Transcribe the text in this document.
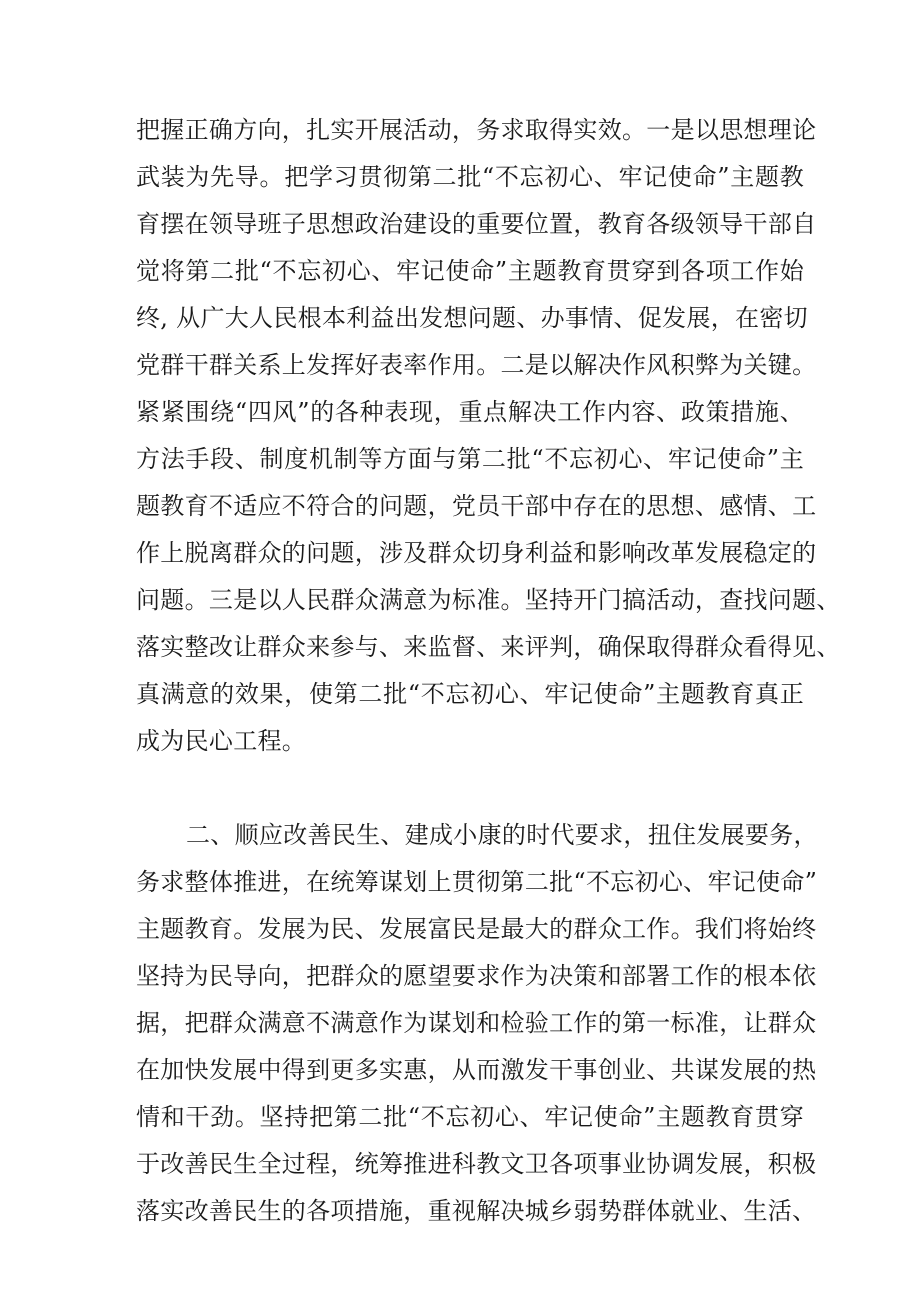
把握正确方向，扎实开展活动，务求取得实效。一是以思想理论
武装为先导。把学习贯彻第二批“不忘初心、牢记使命”主题教
育摆在领导班子思想政治建设的重要位置，教育各级领导干部自
觉将第二批“不忘初心、牢记使命”主题教育贯穿到各项工作始
终, 从广大人民根本利益出发想问题、办事情、促发展，在密切
党群干群关系上发挥好表率作用。二是以解决作风积弊为关键。
紧紧围绕“四风”的各种表现，重点解决工作内容、政策措施、
方法手段、制度机制等方面与第二批“不忘初心、牢记使命”主
题教育不适应不符合的问题，党员干部中存在的思想、感情、工
作上脱离群众的问题，涉及群众切身利益和影响改革发展稳定的
问题。三是以人民群众满意为标准。坚持开门搞活动，查找问题、
落实整改让群众来参与、来监督、来评判，确保取得群众看得见、
真满意的效果，使第二批“不忘初心、牢记使命”主题教育真正
成为民心工程。
二、顺应改善民生、建成小康的时代要求，扭住发展要务，
务求整体推进，在统筹谋划上贯彻第二批“不忘初心、牢记使命”
主题教育。发展为民、发展富民是最大的群众工作。我们将始终
坚持为民导向，把群众的愿望要求作为决策和部署工作的根本依
据，把群众满意不满意作为谋划和检验工作的第一标准，让群众
在加快发展中得到更多实惠，从而激发干事创业、共谋发展的热
情和干劲。坚持把第二批“不忘初心、牢记使命”主题教育贯穿
于改善民生全过程，统筹推进科教文卫各项事业协调发展，积极
落实改善民生的各项措施，重视解决城乡弱势群体就业、生活、
